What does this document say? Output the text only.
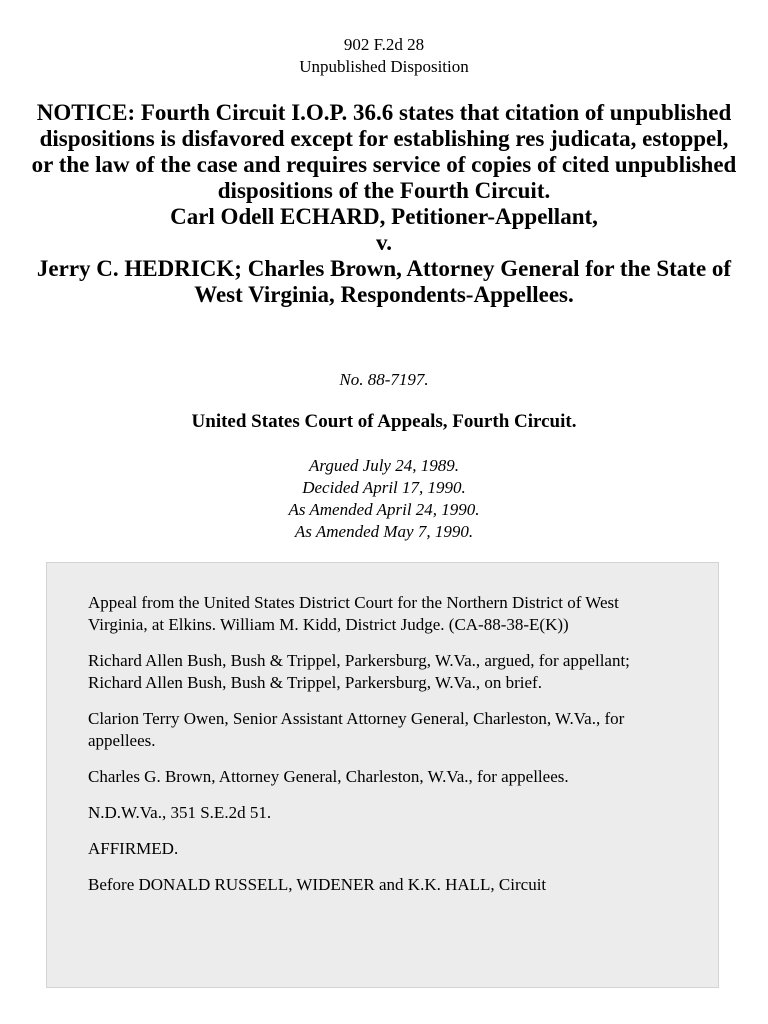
902 F.2d 28
Unpublished Disposition
NOTICE: Fourth Circuit I.O.P. 36.6 states that citation of unpublished dispositions is disfavored except for establishing res judicata, estoppel, or the law of the case and requires service of copies of cited unpublished dispositions of the Fourth Circuit.
Carl Odell ECHARD, Petitioner-Appellant,
v.
Jerry C. HEDRICK; Charles Brown, Attorney General for the State of West Virginia, Respondents-Appellees.
No. 88-7197.
United States Court of Appeals, Fourth Circuit.
Argued July 24, 1989.
Decided April 17, 1990.
As Amended April 24, 1990.
As Amended May 7, 1990.

Appeal from the United States District Court for the Northern District of West Virginia, at Elkins. William M. Kidd, District Judge. (CA-88-38-E(K))

Richard Allen Bush, Bush & Trippel, Parkersburg, W.Va., argued, for appellant; Richard Allen Bush, Bush & Trippel, Parkersburg, W.Va., on brief.

Clarion Terry Owen, Senior Assistant Attorney General, Charleston, W.Va., for appellees.

Charles G. Brown, Attorney General, Charleston, W.Va., for appellees.

N.D.W.Va., 351 S.E.2d 51.

AFFIRMED.

Before DONALD RUSSELL, WIDENER and K.K. HALL, Circuit
